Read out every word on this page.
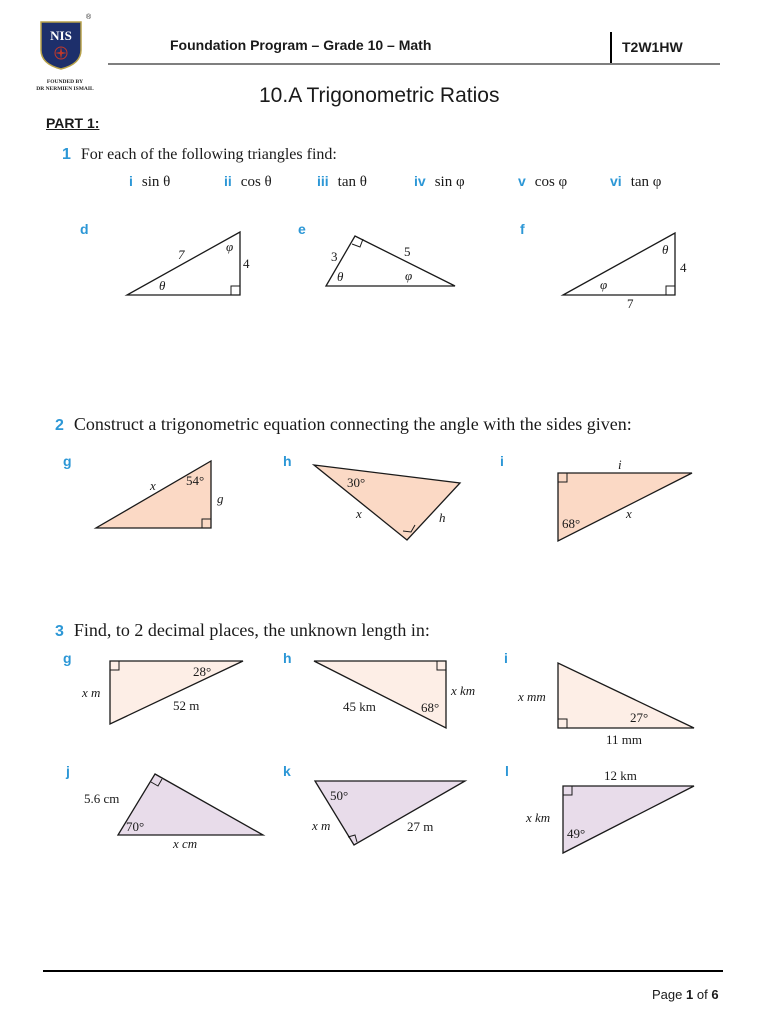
NIS
®
FOUNDED BY
DR NERMIEN ISMAIL
Foundation Program – Grade 10 – Math	T2W1HW
10.A Trigonometric Ratios
PART 1:
1 For each of the following triangles find:
i sin θ	ii cos θ	iii tan θ	iv sin φ	v cos φ	vi tan φ
2 Construct a trigonometric equation connecting the angle with the sides given:
3 Find, to 2 decimal places, the unknown length in:
d	e	f
7
4
φ
θ
3	5
θ	φ
4
7
θ
φ
g	h	i
x
g
54°	30°
x	h
i
x
68°
g	h	i
j	k	l
x m
52 m
28°
45 km
x km
68°
x mm
11 mm
27°
5.6 cm
x cm
70°
50°
x m	27 m
12 km
x km
49°
Page 1 of 6
